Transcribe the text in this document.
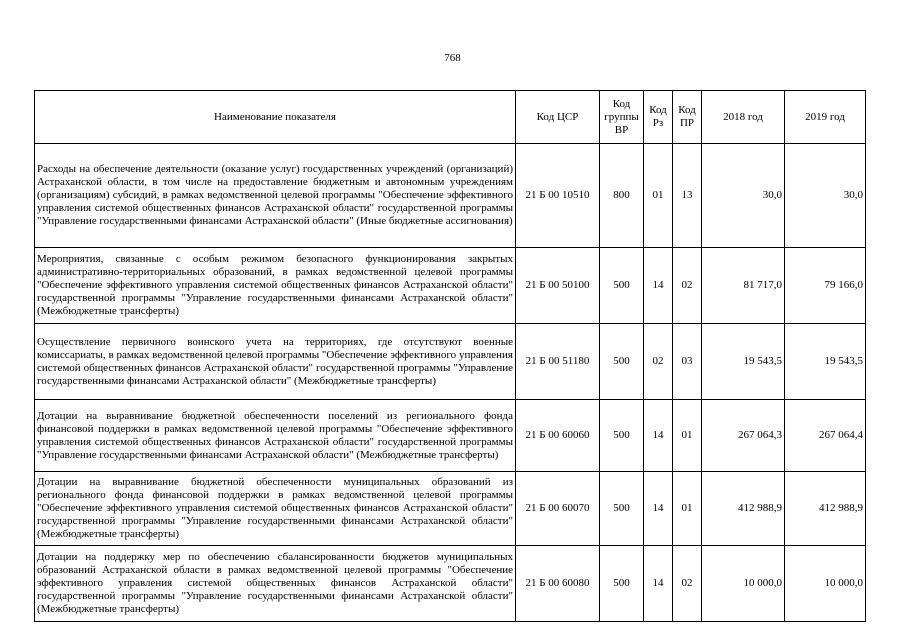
768
Наименование показателя	Код ЦСР	Код группы ВР	Код Рз	Код ПР	2018 год	2019 год
Расходы на обеспечение деятельности (оказание услуг) государственных учреждений (организаций) Астраханской области, в том числе на предоставление бюджетным и автономным учреждениям (организациям) субсидий, в рамках ведомственной целевой программы "Обеспечение эффективного управления системой общественных финансов Астраханской области" государственной программы "Управление государственными финансами Астраханской области" (Иные бюджетные ассигнования)	21 Б 00 10510	800	01	13	30,0	30,0
Мероприятия, связанные с особым режимом безопасного функционирования закрытых административно-территориальных образований, в рамках ведомственной целевой программы "Обеспечение эффективного управления системой общественных финансов Астраханской области" государственной программы "Управление государственными финансами Астраханской области" (Межбюджетные трансферты)	21 Б 00 50100	500	14	02	81 717,0	79 166,0
Осуществление первичного воинского учета на территориях, где отсутствуют военные комиссариаты, в рамках ведомственной целевой программы "Обеспечение эффективного управления системой общественных финансов Астраханской области" государственной программы "Управление государственными финансами Астраханской области" (Межбюджетные трансферты)	21 Б 00 51180	500	02	03	19 543,5	19 543,5
Дотации на выравнивание бюджетной обеспеченности поселений из регионального фонда финансовой поддержки в рамках ведомственной целевой программы "Обеспечение эффективного управления системой общественных финансов Астраханской области" государственной программы "Управление государственными финансами Астраханской области" (Межбюджетные трансферты)	21 Б 00 60060	500	14	01	267 064,3	267 064,4
Дотации на выравнивание бюджетной обеспеченности муниципальных образований из регионального фонда финансовой поддержки в рамках ведомственной целевой программы "Обеспечение эффективного управления системой общественных финансов Астраханской области" государственной программы "Управление государственными финансами Астраханской области" (Межбюджетные трансферты)	21 Б 00 60070	500	14	01	412 988,9	412 988,9
Дотации на поддержку мер по обеспечению сбалансированности бюджетов муниципальных образований Астраханской области в рамках ведомственной целевой программы "Обеспечение эффективного управления системой общественных финансов Астраханской области" государственной программы "Управление государственными финансами Астраханской области" (Межбюджетные трансферты)	21 Б 00 60080	500	14	02	10 000,0	10 000,0
